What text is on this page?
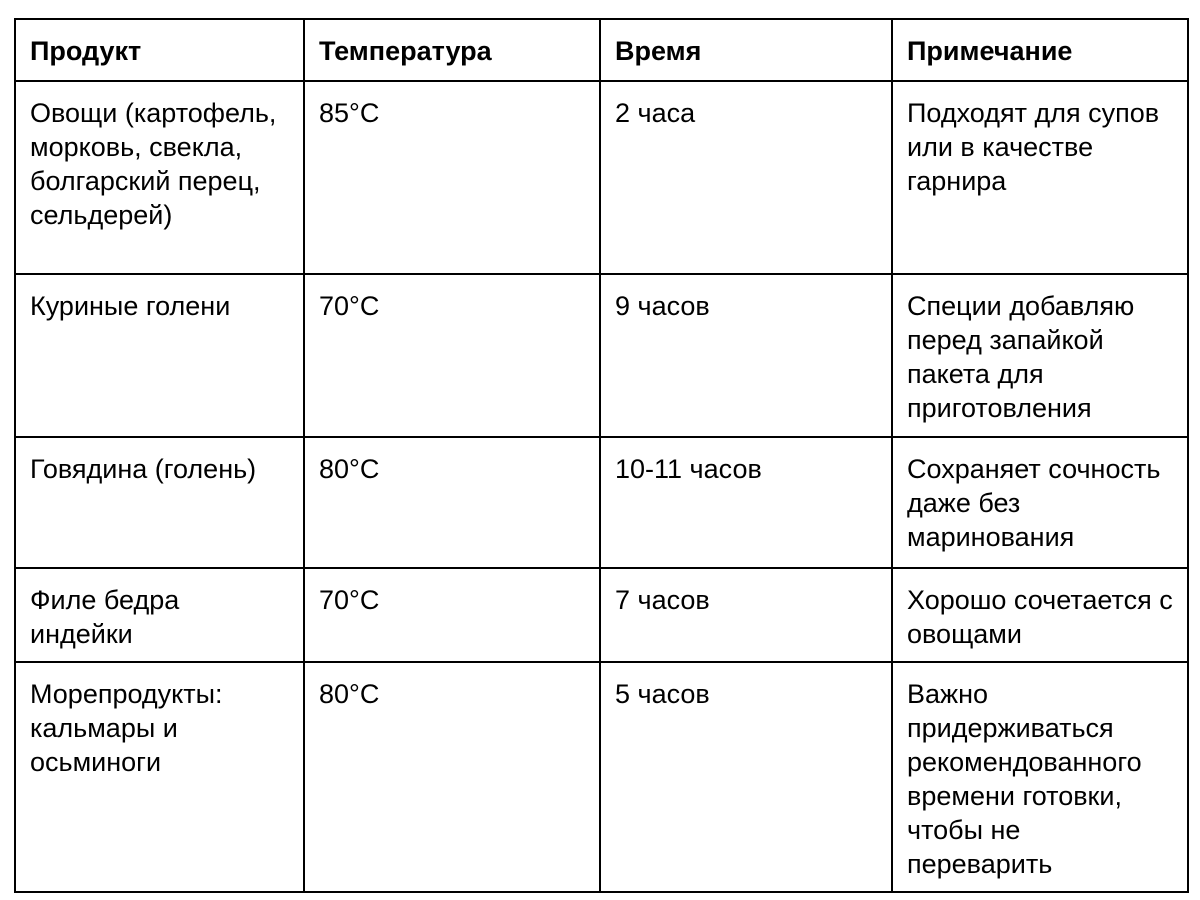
Продукт	Температура	Время	Примечание
Овощи (картофель, морковь, свекла, болгарский перец, сельдерей)	85°C	2 часа	Подходят для супов или в качестве гарнира
Куриные голени	70°C	9 часов	Специи добавляю перед запайкой пакета для приготовления
Говядина (голень)	80°C	10-11 часов	Сохраняет сочность даже без маринования
Филе бедра индейки	70°C	7 часов	Хорошо сочетается с овощами
Морепродукты: кальмары и осьминоги	80°C	5 часов	Важно придерживаться рекомендованного времени готовки, чтобы не переварить
